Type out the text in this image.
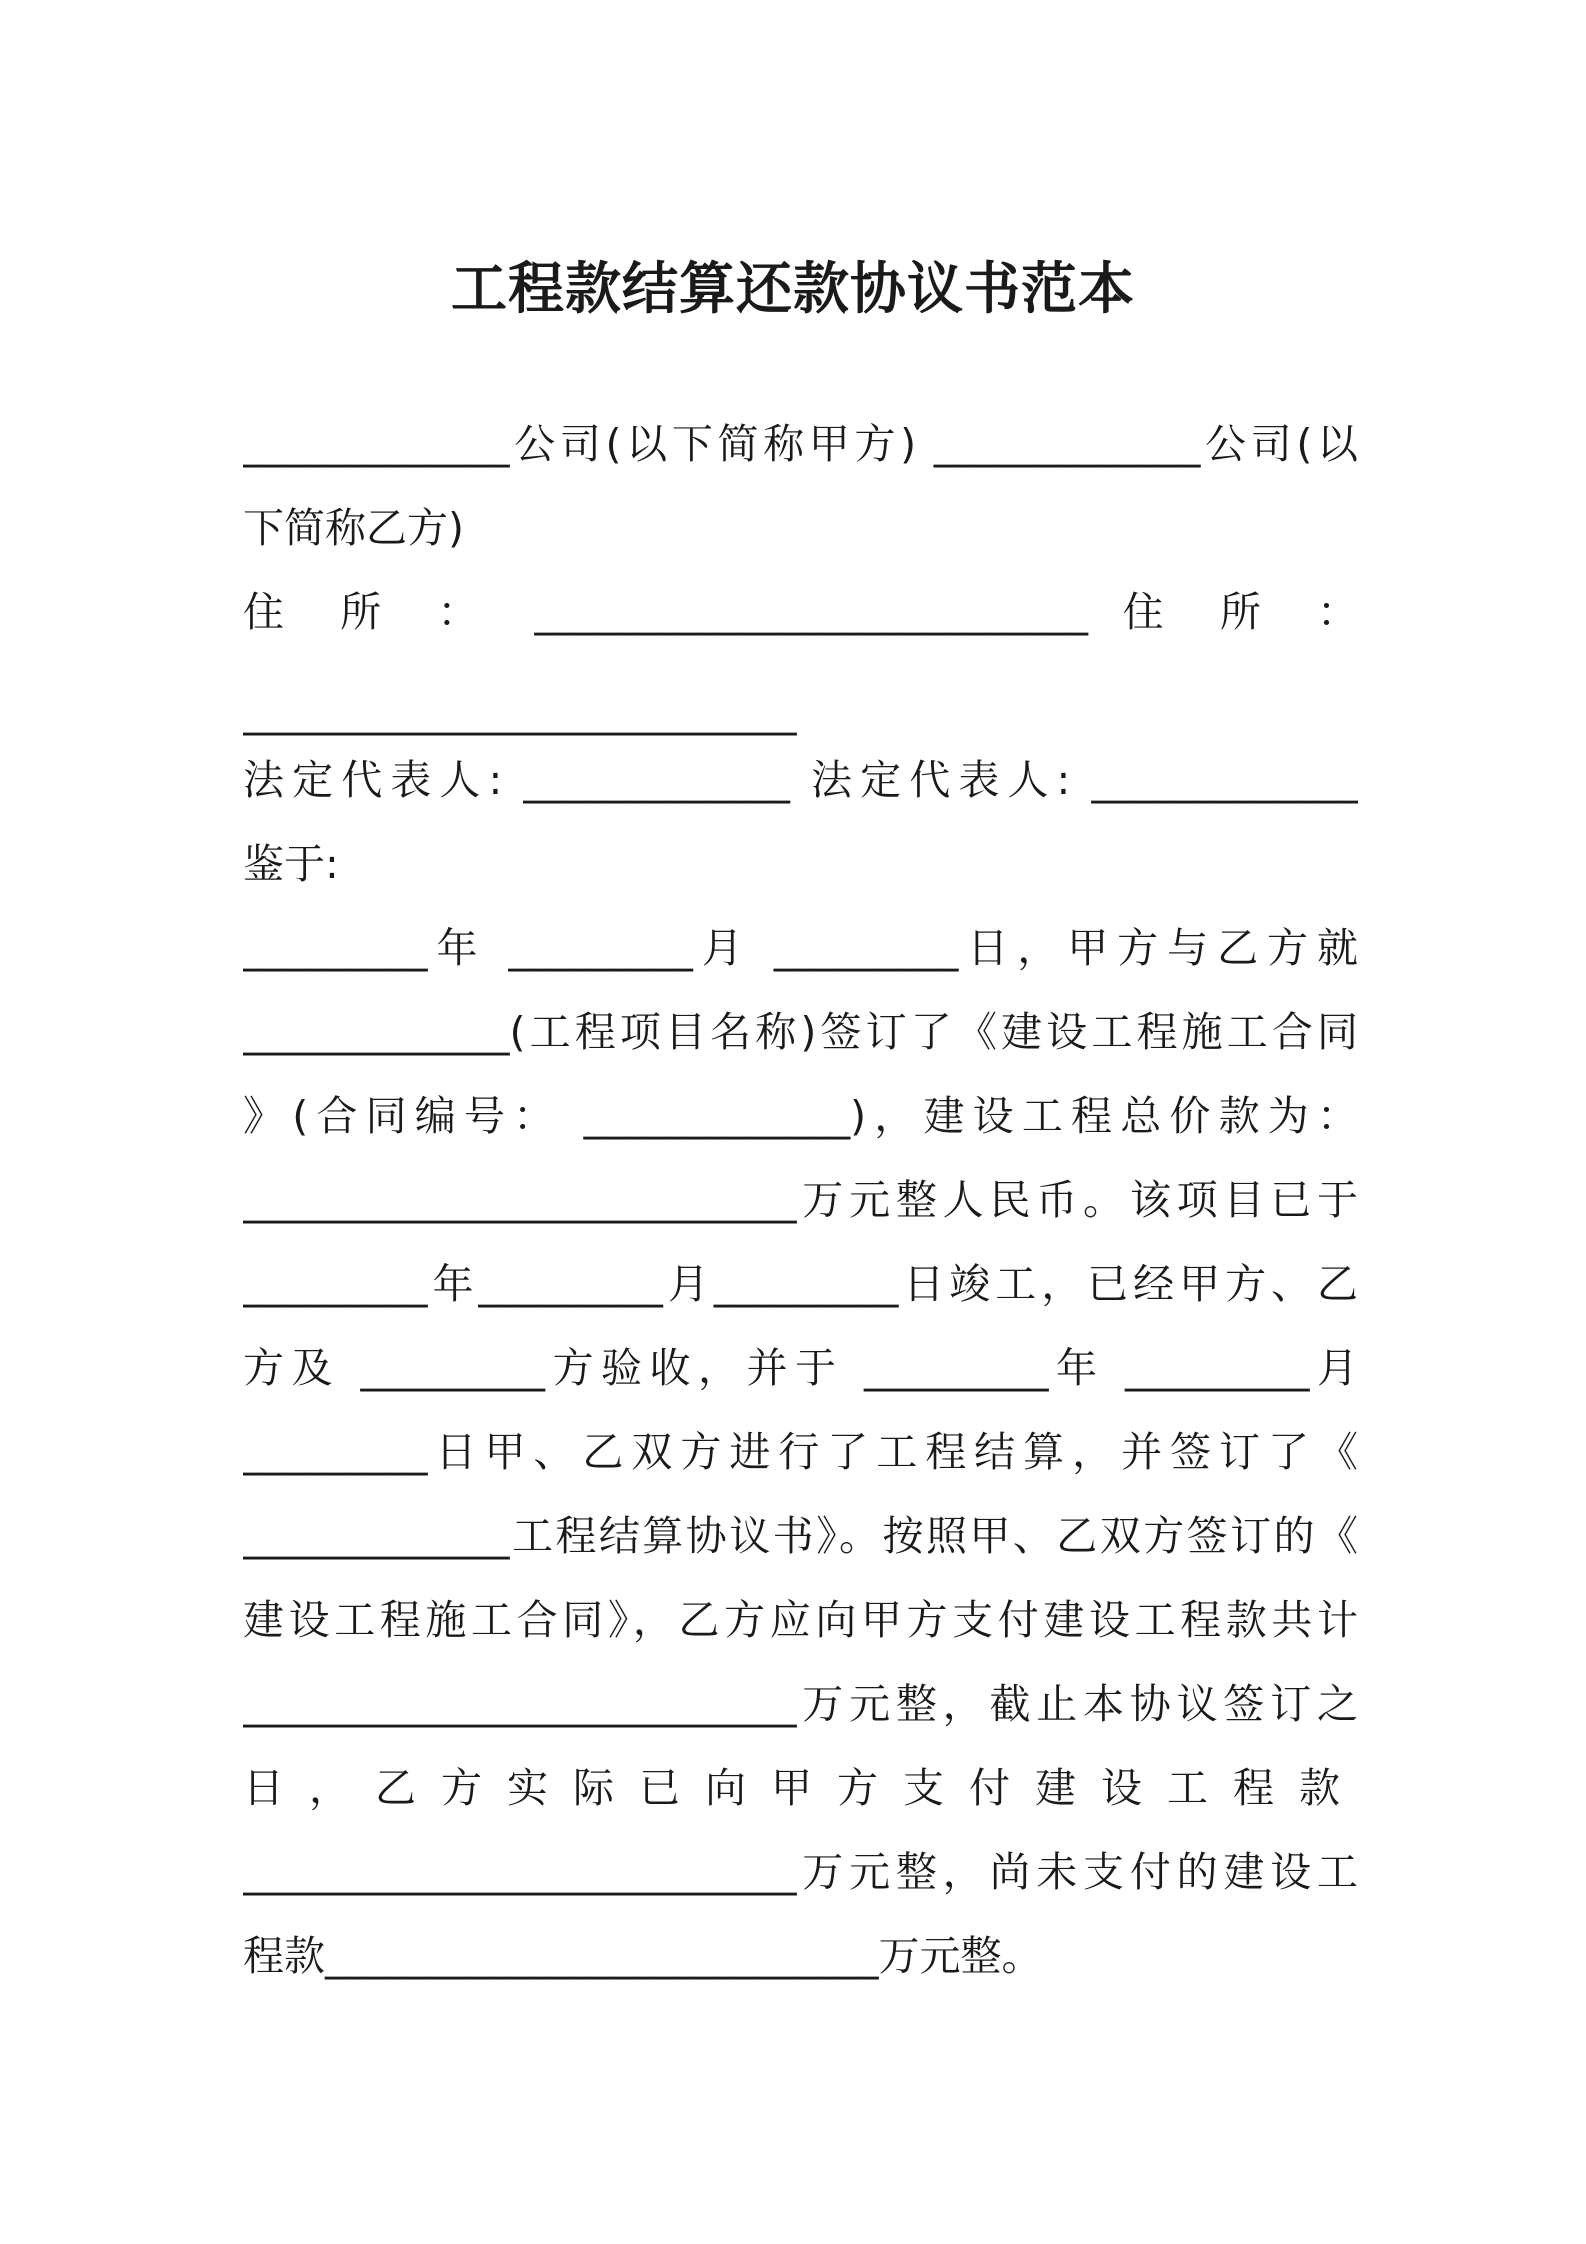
工程款结算还款协议书范本
_____________公司(以下简称甲方) _____________公司(以
下简称乙方)
住 所 ： ___________________________ 住 所 ：
___________________________
法定代表人: _____________ 法定代表人: _____________
鉴于:
_________年 _________月 _________日，甲方与乙方就
_____________(工程项目名称)签订了《建设工程施工合同
》(合同编号： _____________)，建设工程总价款为：
___________________________万元整人民币。该项目已于
_________年_________月_________日竣工，已经甲方、乙
方及 _________方验收，并于 _________年 _________月
_________日甲、乙双方进行了工程结算，并签订了《
_____________工程结算协议书》。按照甲、乙双方签订的《
建设工程施工合同》，乙方应向甲方支付建设工程款共计
___________________________万元整，截止本协议签订之
日，乙方实际已向甲方支付建设工程款
___________________________万元整，尚未支付的建设工
程款___________________________万元整。
